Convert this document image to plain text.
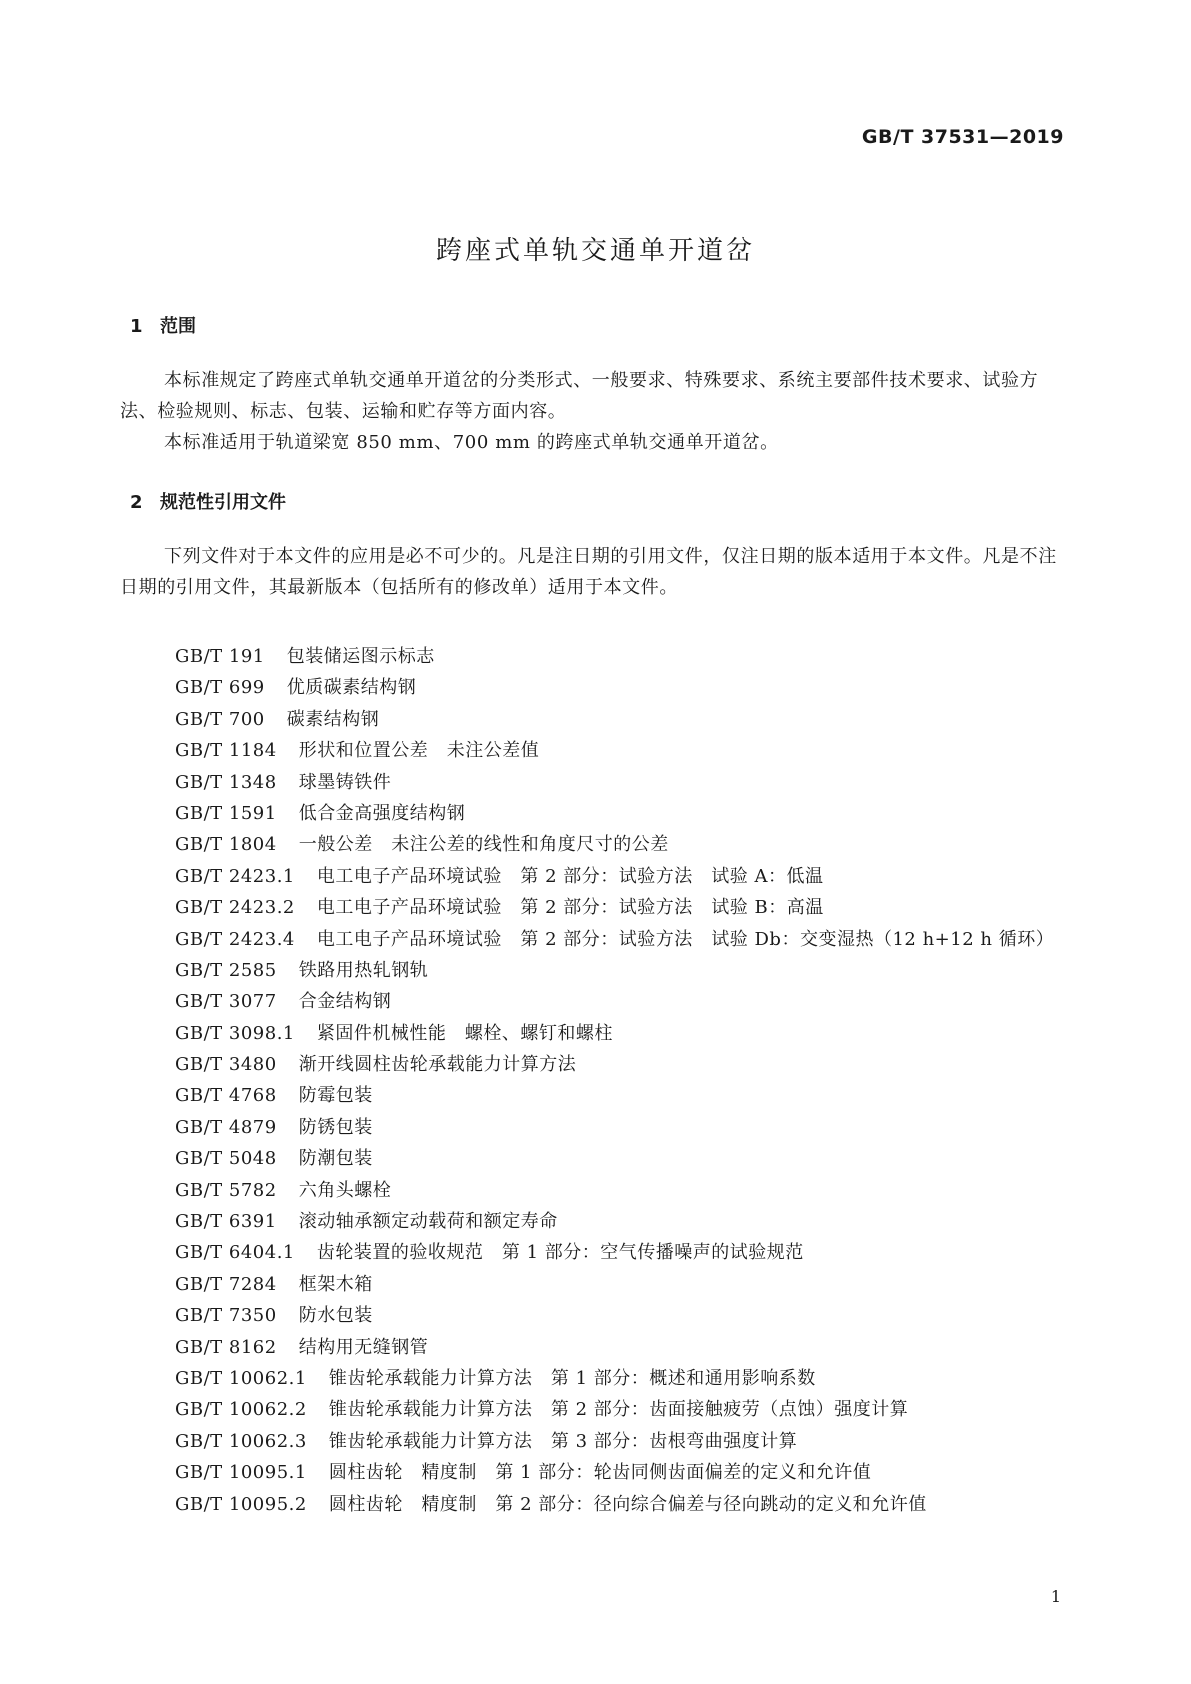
GB/T 37531—2019
跨座式单轨交通单开道岔
1 范围

本标准规定了跨座式单轨交通单开道岔的分类形式、一般要求、特殊要求、系统主要部件技术要求、试验方法、检验规则、标志、包装、运输和贮存等方面内容。

本标准适用于轨道梁宽 850 mm、700 mm 的跨座式单轨交通单开道岔。

2 规范性引用文件

下列文件对于本文件的应用是必不可少的。凡是注日期的引用文件，仅注日期的版本适用于本文件。凡是不注日期的引用文件，其最新版本（包括所有的修改单）适用于本文件。

GB/T 191 包装储运图示标志
GB/T 699 优质碳素结构钢
GB/T 700 碳素结构钢
GB/T 1184 形状和位置公差　未注公差值
GB/T 1348 球墨铸铁件
GB/T 1591 低合金高强度结构钢
GB/T 1804 一般公差　未注公差的线性和角度尺寸的公差
GB/T 2423.1 电工电子产品环境试验　第 2 部分：试验方法　试验 A：低温
GB/T 2423.2 电工电子产品环境试验　第 2 部分：试验方法　试验 B：高温
GB/T 2423.4 电工电子产品环境试验　第 2 部分：试验方法　试验 Db：交变湿热（12 h+12 h 循环）
GB/T 2585 铁路用热轧钢轨
GB/T 3077 合金结构钢
GB/T 3098.1 紧固件机械性能　螺栓、螺钉和螺柱
GB/T 3480 渐开线圆柱齿轮承载能力计算方法
GB/T 4768 防霉包装
GB/T 4879 防锈包装
GB/T 5048 防潮包装
GB/T 5782 六角头螺栓
GB/T 6391 滚动轴承额定动载荷和额定寿命
GB/T 6404.1 齿轮装置的验收规范　第 1 部分：空气传播噪声的试验规范
GB/T 7284 框架木箱
GB/T 7350 防水包装
GB/T 8162 结构用无缝钢管
GB/T 10062.1 锥齿轮承载能力计算方法　第 1 部分：概述和通用影响系数
GB/T 10062.2 锥齿轮承载能力计算方法　第 2 部分：齿面接触疲劳（点蚀）强度计算
GB/T 10062.3 锥齿轮承载能力计算方法　第 3 部分：齿根弯曲强度计算
GB/T 10095.1 圆柱齿轮　精度制　第 1 部分：轮齿同侧齿面偏差的定义和允许值
GB/T 10095.2 圆柱齿轮　精度制　第 2 部分：径向综合偏差与径向跳动的定义和允许值
1
